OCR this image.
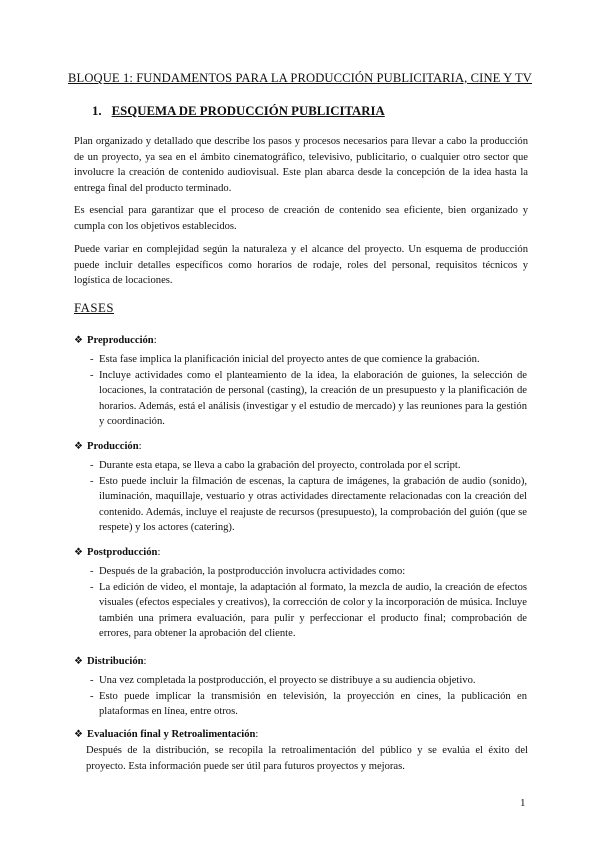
BLOQUE 1: FUNDAMENTOS PARA LA PRODUCCIÓN PUBLICITARIA, CINE Y TV
1. ESQUEMA DE PRODUCCIÓN PUBLICITARIA

Plan organizado y detallado que describe los pasos y procesos necesarios para llevar a cabo la producción de un proyecto, ya sea en el ámbito cinematográfico, televisivo, publicitario, o cualquier otro sector que involucre la creación de contenido audiovisual. Este plan abarca desde la concepción de la idea hasta la entrega final del producto terminado.

Es esencial para garantizar que el proceso de creación de contenido sea eficiente, bien organizado y cumpla con los objetivos establecidos.

Puede variar en complejidad según la naturaleza y el alcance del proyecto. Un esquema de producción puede incluir detalles específicos como horarios de rodaje, roles del personal, requisitos técnicos y logística de locaciones.

FASES
❖ Preproducción:
- Esta fase implica la planificación inicial del proyecto antes de que comience la grabación.
- Incluye actividades como el planteamiento de la idea, la elaboración de guiones, la selección de locaciones, la contratación de personal (casting), la creación de un presupuesto y la planificación de horarios. Además, está el análisis (investigar y el estudio de mercado) y las reuniones para la gestión y coordinación.
❖ Producción:
- Durante esta etapa, se lleva a cabo la grabación del proyecto, controlada por el script.
- Esto puede incluir la filmación de escenas, la captura de imágenes, la grabación de audio (sonido), iluminación, maquillaje, vestuario y otras actividades directamente relacionadas con la creación del contenido. Además, incluye el reajuste de recursos (presupuesto), la comprobación del guión (que se respete) y los actores (catering).
❖ Postproducción:
- Después de la grabación, la postproducción involucra actividades como:
- La edición de video, el montaje, la adaptación al formato, la mezcla de audio, la creación de efectos visuales (efectos especiales y creativos), la corrección de color y la incorporación de música. Incluye también una primera evaluación, para pulir y perfeccionar el producto final; comprobación de errores, para obtener la aprobación del cliente.
❖ Distribución:
- Una vez completada la postproducción, el proyecto se distribuye a su audiencia objetivo.
- Esto puede implicar la transmisión en televisión, la proyección en cines, la publicación en plataformas en línea, entre otros.
❖ Evaluación final y Retroalimentación:

Después de la distribución, se recopila la retroalimentación del público y se evalúa el éxito del proyecto. Esta información puede ser útil para futuros proyectos y mejoras.

1
